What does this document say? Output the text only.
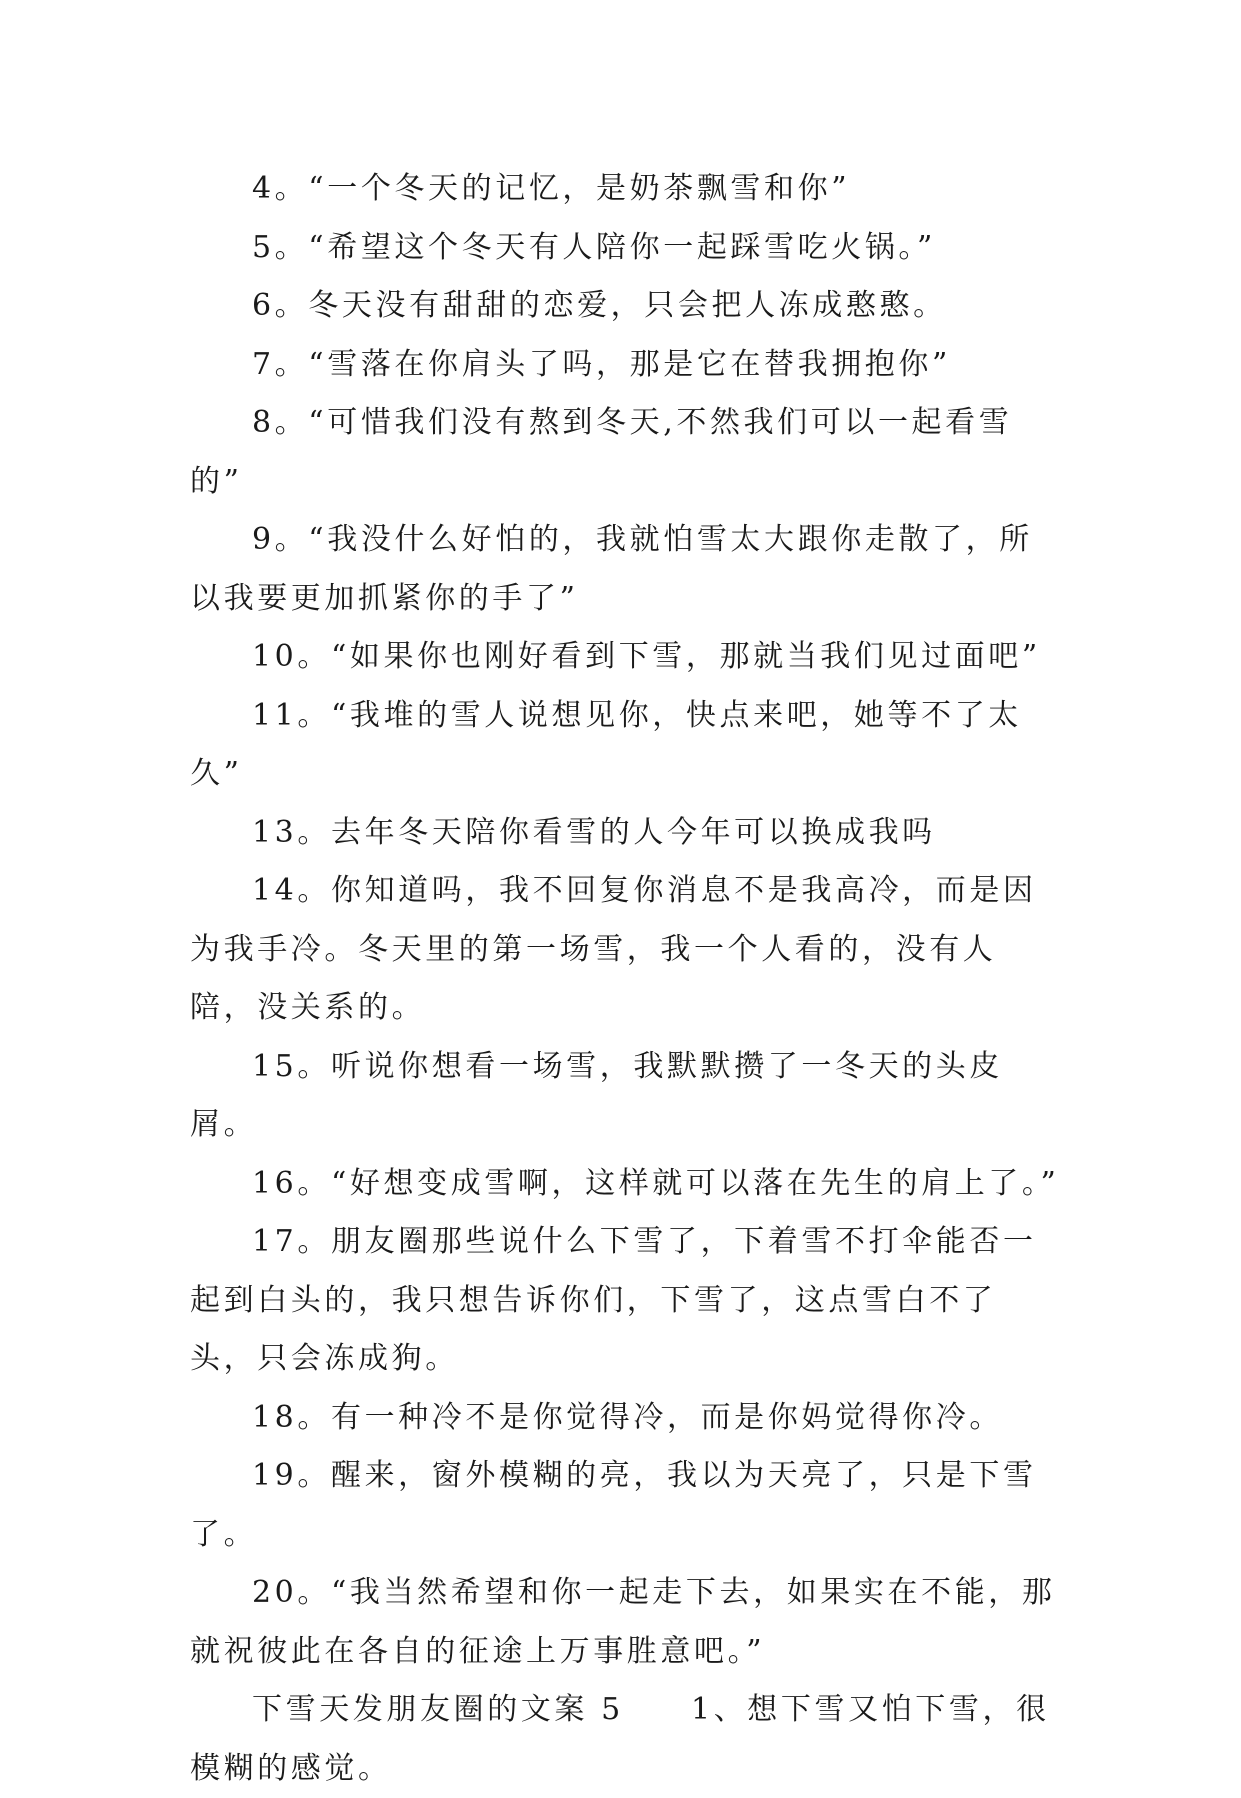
4。“一个冬天的记忆，是奶茶飘雪和你”

5。“希望这个冬天有人陪你一起踩雪吃火锅。”

6。冬天没有甜甜的恋爱，只会把人冻成憨憨。

7。“雪落在你肩头了吗，那是它在替我拥抱你”

8。“可惜我们没有熬到冬天,不然我们可以一起看雪的”

9。“我没什么好怕的，我就怕雪太大跟你走散了，所以我要更加抓紧你的手了”

10。“如果你也刚好看到下雪，那就当我们见过面吧”

11。“我堆的雪人说想见你，快点来吧，她等不了太久”

13。去年冬天陪你看雪的人今年可以换成我吗

14。你知道吗，我不回复你消息不是我高冷，而是因为我手冷。冬天里的第一场雪，我一个人看的，没有人陪，没关系的。

15。听说你想看一场雪，我默默攒了一冬天的头皮屑。

16。“好想变成雪啊，这样就可以落在先生的肩上了。”

17。朋友圈那些说什么下雪了，下着雪不打伞能否一起到白头的，我只想告诉你们，下雪了，这点雪白不了头，只会冻成狗。

18。有一种冷不是你觉得冷，而是你妈觉得你冷。

19。醒来，窗外模糊的亮，我以为天亮了，只是下雪了。

20。“我当然希望和你一起走下去，如果实在不能，那就祝彼此在各自的征途上万事胜意吧。”

下雪天发朋友圈的文案 5　　1、想下雪又怕下雪，很模糊的感觉。
